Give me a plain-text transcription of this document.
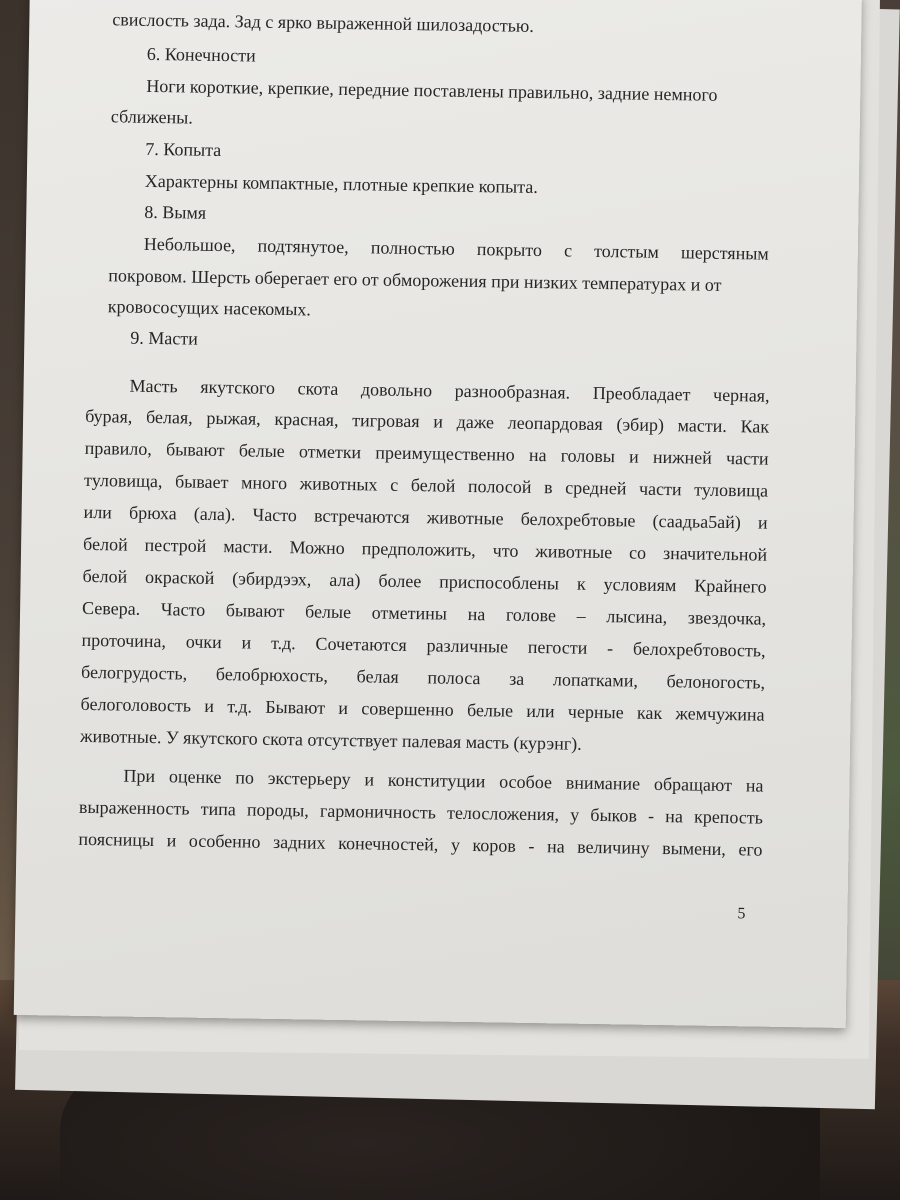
свислость зада. Зад с ярко выраженной шилозадостью.
6. Конечности
Ноги короткие, крепкие, передние поставлены правильно, задние немного
сближены.
7. Копыта
Характерны компактные, плотные крепкие копыта.
8. Вымя
Небольшое, подтянутое, полностью покрыто с толстым шерстяным
покровом. Шерсть оберегает его от обморожения при низких температурах и от
кровососущих насекомых.
9. Масти
Масть якутского скота довольно разнообразная. Преобладает черная,
бурая, белая, рыжая, красная, тигровая и даже леопардовая (эбир) масти. Как
правило, бывают белые отметки преимущественно на головы и нижней части
туловища, бывает много животных с белой полосой в средней части туловища
или брюха (ала). Часто встречаются животные белохребтовые (саадьа5ай) и
белой пестрой масти. Можно предположить, что животные со значительной
белой окраской (эбирдээх, ала) более приспособлены к условиям Крайнего
Севера. Часто бывают белые отметины на голове – лысина, звездочка,
проточина, очки и т.д. Сочетаются различные пегости - белохребтовость,
белогрудость, белобрюхость, белая полоса за лопатками, белоногость,
белоголовость и т.д. Бывают и совершенно белые или черные как жемчужина
животные. У якутского скота отсутствует палевая масть (курэнг).
При оценке по экстерьеру и конституции особое внимание обращают на
выраженность типа породы, гармоничность телосложения, у быков - на крепость
поясницы и особенно задних конечностей, у коров - на величину вымени, его
5
